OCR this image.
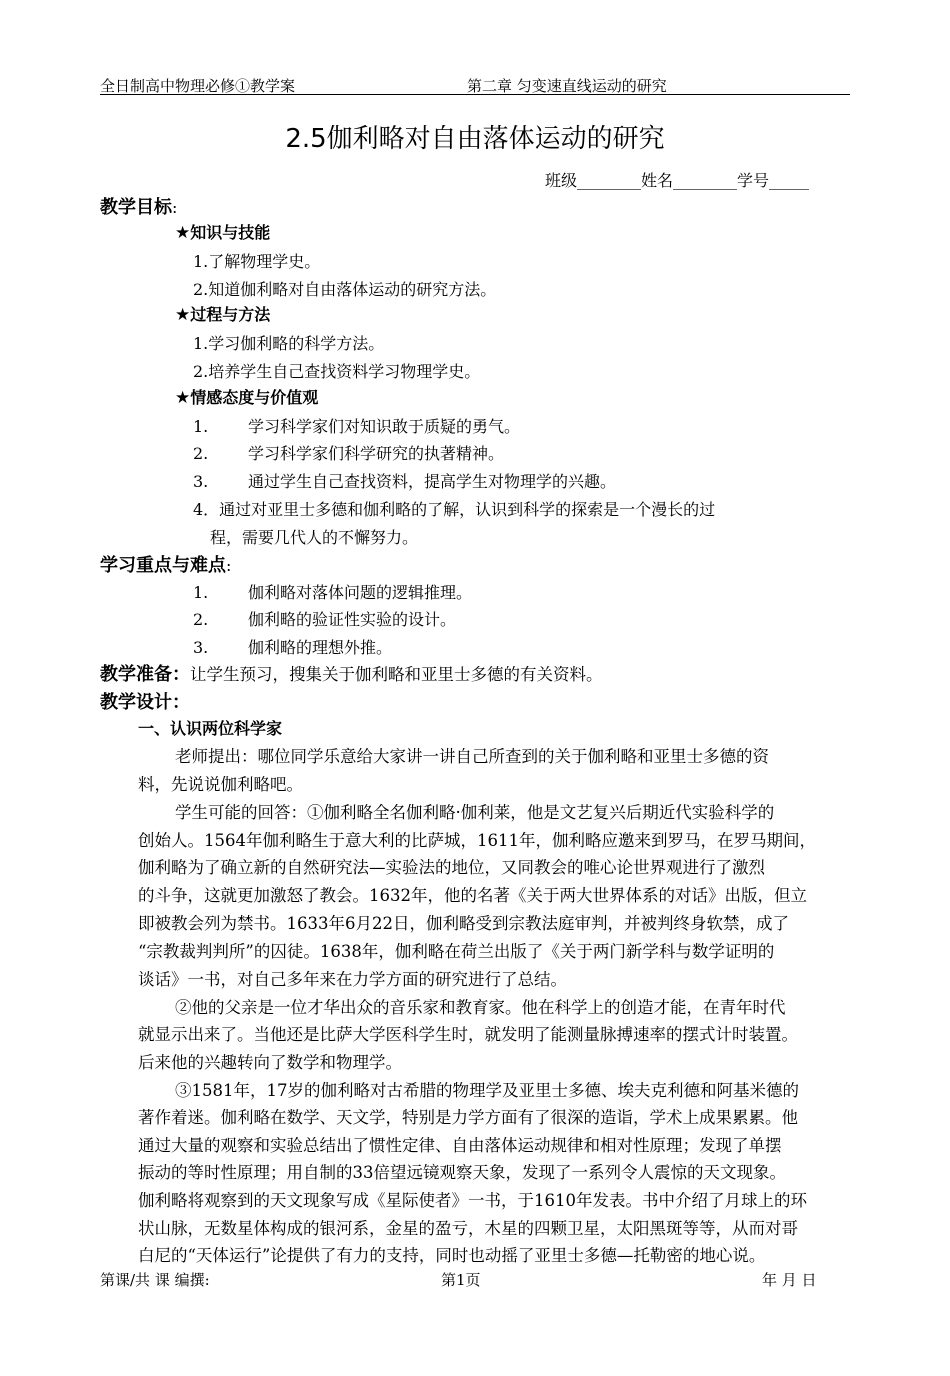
全日制高中物理必修①教学案	第二章 匀变速直线运动的研究
2.5伽利略对自由落体运动的研究
班级________姓名________学号_____
教学目标:
★知识与技能
1.了解物理学史。
2.知道伽利略对自由落体运动的研究方法。
★过程与方法
1.学习伽利略的科学方法。
2.培养学生自己查找资料学习物理学史。
★情感态度与价值观
1. 学习科学家们对知识敢于质疑的勇气。
2. 学习科学家们科学研究的执著精神。
3. 通过学生自己查找资料，提高学生对物理学的兴趣。
4．通过对亚里士多德和伽利略的了解，认识到科学的探索是一个漫长的过
程，需要几代人的不懈努力。
学习重点与难点:
1. 伽利略对落体问题的逻辑推理。
2. 伽利略的验证性实验的设计。
3. 伽利略的理想外推。
教学准备：让学生预习，搜集关于伽利略和亚里士多德的有关资料。
教学设计：
一、认识两位科学家
老师提出：哪位同学乐意给大家讲一讲自己所查到的关于伽利略和亚里士多德的资
料，先说说伽利略吧。
学生可能的回答：①伽利略全名伽利略·伽利莱，他是文艺复兴后期近代实验科学的
创始人。1564年伽利略生于意大利的比萨城，1611年，伽利略应邀来到罗马，在罗马期间，
伽利略为了确立新的自然研究法—实验法的地位，又同教会的唯心论世界观进行了激烈
的斗争，这就更加激怒了教会。1632年，他的名著《关于两大世界体系的对话》出版，但立
即被教会列为禁书。1633年6月22日，伽利略受到宗教法庭审判，并被判终身软禁，成了
“宗教裁判判所”的囚徒。1638年，伽利略在荷兰出版了《关于两门新学科与数学证明的
谈话》一书，对自己多年来在力学方面的研究进行了总结。
②他的父亲是一位才华出众的音乐家和教育家。他在科学上的创造才能，在青年时代
就显示出来了。当他还是比萨大学医科学生时，就发明了能测量脉搏速率的摆式计时装置。
后来他的兴趣转向了数学和物理学。
③1581年，17岁的伽利略对古希腊的物理学及亚里士多德、埃夫克利德和阿基米德的
著作着迷。伽利略在数学、天文学，特别是力学方面有了很深的造诣，学术上成果累累。他
通过大量的观察和实验总结出了惯性定律、自由落体运动规律和相对性原理；发现了单摆
振动的等时性原理；用自制的33倍望远镜观察天象，发现了一系列令人震惊的天文现象。
伽利略将观察到的天文现象写成《星际使者》一书，于1610年发表。书中介绍了月球上的环
状山脉，无数星体构成的银河系，金星的盈亏，木星的四颗卫星，太阳黑斑等等，从而对哥
白尼的“天体运行”论提供了有力的支持，同时也动摇了亚里士多德—托勒密的地心说。
第课/共 课 编撰:	第1页	年 月 日
